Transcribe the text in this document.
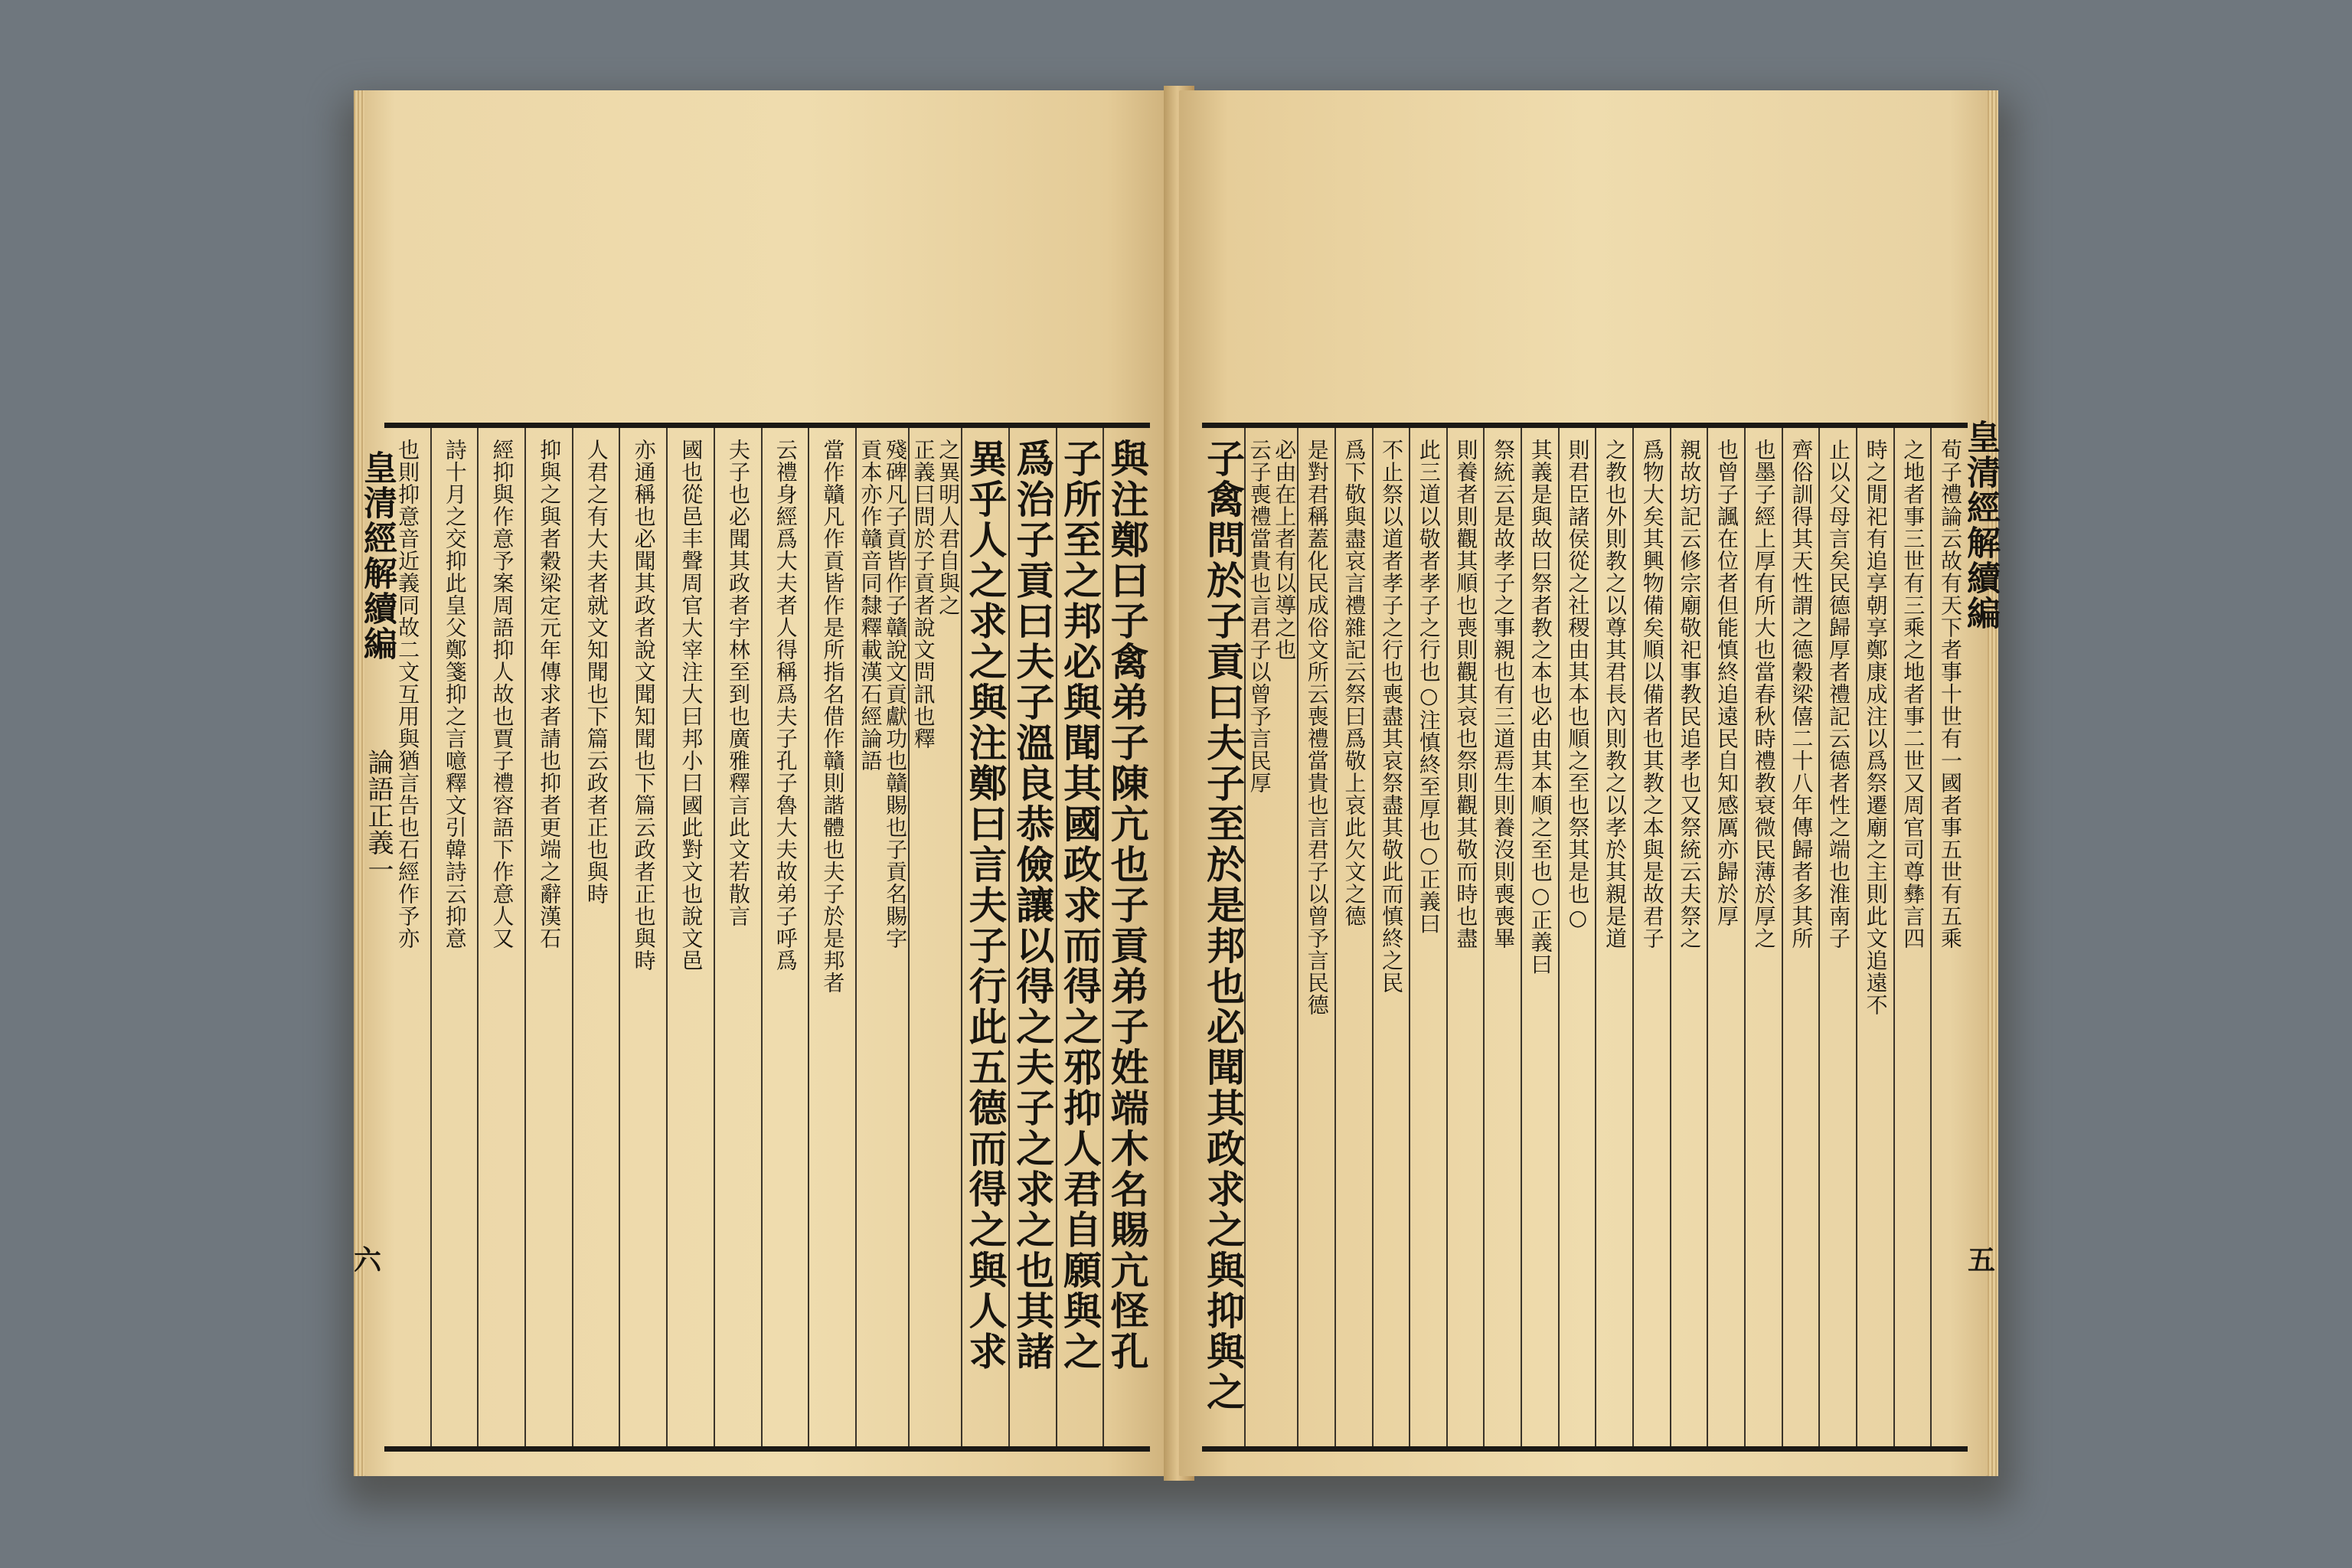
皇清經解續編
論語正義一
六	與注鄭曰子禽弟子陳亢也子貢弟子姓端木名賜亢怪孔
子所至之邦必與聞其國政求而得之邪抑人君自願與之
爲治子貢曰夫子溫良恭儉讓以得之夫子之求之也其諸
異乎人之求之與注鄭曰言夫子行此五德而得之與人求
之異明人君自與之
正義曰問於子貢者說文問訊也釋
殘碑凡子貢皆作子贛說文貢獻功也贛賜也子貢名賜字
貢本亦作贛音同隸釋載漢石經論語
當作贛凡作貢皆作是所指名借作贛則諧體也夫子於是邦者
云禮身經爲大夫者人得稱爲夫子孔子魯大夫故弟子呼爲
夫子也必聞其政者宇林至到也廣雅釋言此文若散言
國也從邑丰聲周官大宰注大曰邦小曰國此對文也說文邑
亦通稱也必聞其政者說文聞知聞也下篇云政者正也與時
人君之有大夫者就文知聞也下篇云政者正也與時
抑與之與者穀梁定元年傳求者請也抑者更端之辭漢石
經抑與作意予案周語抑人故也賈子禮容語下作意人又
詩十月之交抑此皇父鄭箋抑之言噫釋文引韓詩云抑意
也則抑意音近義同故二文互用與猶言告也石經作予亦	皇清經解續編
五
荀子禮論云故有天下者事十世有一國者事五世有五乘
之地者事三世有三乘之地者事二世又周官司尊彝言四
時之閒祀有追享朝享鄭康成注以爲祭遷廟之主則此文追遠不
止以父母言矣民德歸厚者禮記云德者性之端也淮南子
齊俗訓得其天性謂之德穀梁僖二十八年傳歸者多其所
也墨子經上厚有所大也當春秋時禮教衰微民薄於厚之
也曾子諷在位者但能慎終追遠民自知感厲亦歸於厚
親故坊記云修宗廟敬祀事教民追孝也又祭統云夫祭之
爲物大矣其興物備矣順以備者也其教之本與是故君子
之教也外則教之以尊其君長內則教之以孝於其親是道
則君臣諸侯從之社稷由其本也順之至也祭其是也○
其義是與故曰祭者教之本也必由其本順之至也○正義曰
祭統云是故孝子之事親也有三道焉生則養沒則喪喪畢
則養者則觀其順也喪則觀其哀也祭則觀其敬而時也盡
此三道以敬者孝子之行也○注慎終至厚也○正義曰
不止祭以道者孝子之行也喪盡其哀祭盡其敬此而慎終之民
爲下敬與盡哀言禮雜記云祭曰爲敬上哀此欠文之德
是對君稱蓋化民成俗文所云喪禮當貴也言君子以曾予言民德
必由在上者有以導之也
云子喪禮當貴也言君子以曾予言民厚
子禽問於子貢曰夫子至於是邦也必聞其政求之與抑與之
